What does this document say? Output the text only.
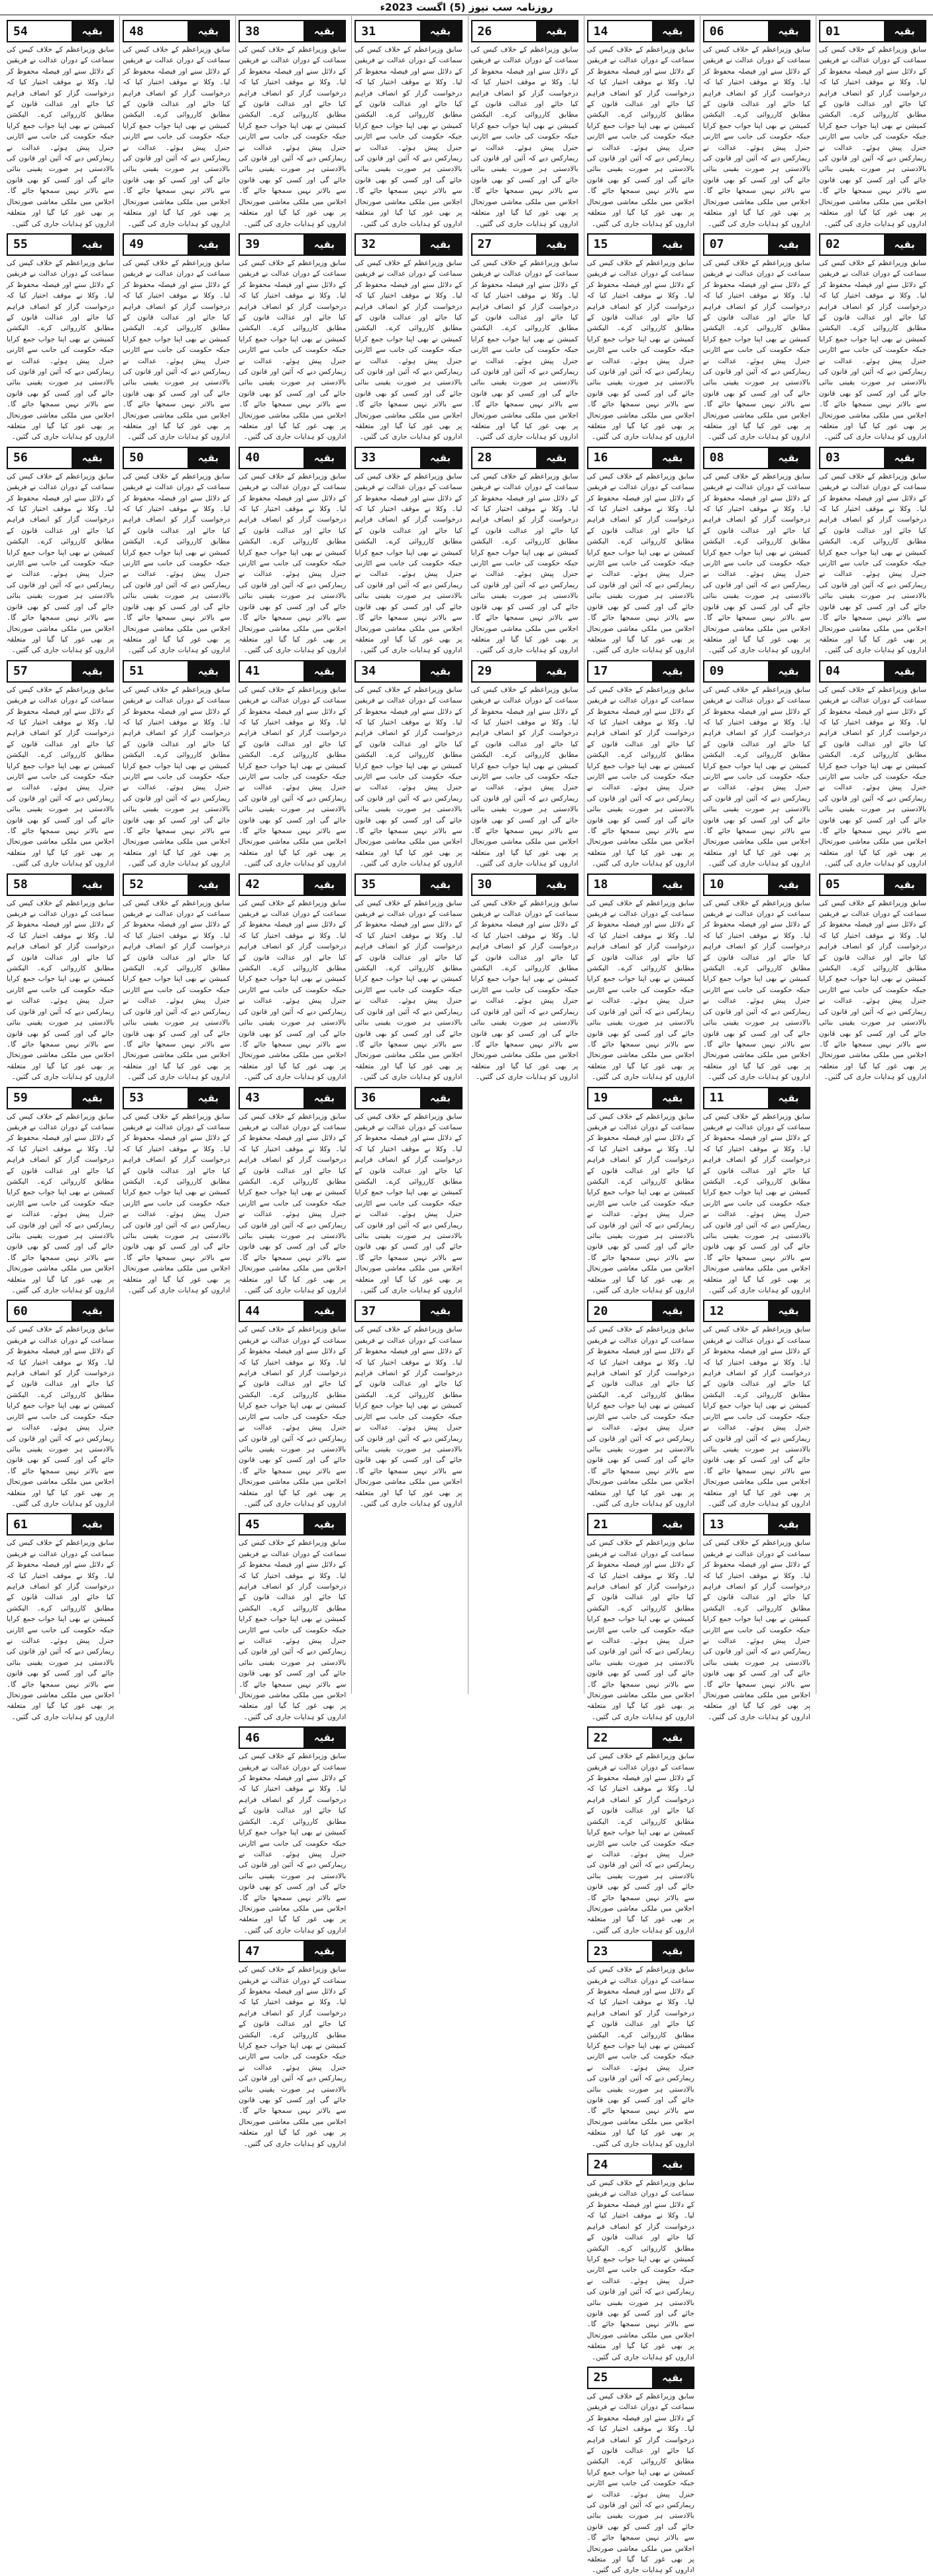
روزنامہ سب نیوز (5) اگست 2023ء
01	بقیہ

سابق وزیراعظم کے خلاف کیس کی سماعت کے دوران عدالت نے فریقین کے دلائل سنے اور فیصلہ محفوظ کر لیا۔ وکلا نے موقف اختیار کیا کہ درخواست گزار کو انصاف فراہم کیا جائے اور عدالت قانون کے مطابق کارروائی کرے۔ الیکشن کمیشن نے بھی اپنا جواب جمع کرایا جبکہ حکومت کی جانب سے اٹارنی جنرل پیش ہوئے۔ عدالت نے ریمارکس دیے کہ آئین اور قانون کی بالادستی ہر صورت یقینی بنائی جائے گی اور کسی کو بھی قانون سے بالاتر نہیں سمجھا جائے گا۔ اجلاس میں ملکی معاشی صورتحال پر بھی غور کیا گیا اور متعلقہ اداروں کو ہدایات جاری کی گئیں۔

02	بقیہ

سابق وزیراعظم کے خلاف کیس کی سماعت کے دوران عدالت نے فریقین کے دلائل سنے اور فیصلہ محفوظ کر لیا۔ وکلا نے موقف اختیار کیا کہ درخواست گزار کو انصاف فراہم کیا جائے اور عدالت قانون کے مطابق کارروائی کرے۔ الیکشن کمیشن نے بھی اپنا جواب جمع کرایا جبکہ حکومت کی جانب سے اٹارنی جنرل پیش ہوئے۔ عدالت نے ریمارکس دیے کہ آئین اور قانون کی بالادستی ہر صورت یقینی بنائی جائے گی اور کسی کو بھی قانون سے بالاتر نہیں سمجھا جائے گا۔ اجلاس میں ملکی معاشی صورتحال پر بھی غور کیا گیا اور متعلقہ اداروں کو ہدایات جاری کی گئیں۔

03	بقیہ

سابق وزیراعظم کے خلاف کیس کی سماعت کے دوران عدالت نے فریقین کے دلائل سنے اور فیصلہ محفوظ کر لیا۔ وکلا نے موقف اختیار کیا کہ درخواست گزار کو انصاف فراہم کیا جائے اور عدالت قانون کے مطابق کارروائی کرے۔ الیکشن کمیشن نے بھی اپنا جواب جمع کرایا جبکہ حکومت کی جانب سے اٹارنی جنرل پیش ہوئے۔ عدالت نے ریمارکس دیے کہ آئین اور قانون کی بالادستی ہر صورت یقینی بنائی جائے گی اور کسی کو بھی قانون سے بالاتر نہیں سمجھا جائے گا۔ اجلاس میں ملکی معاشی صورتحال پر بھی غور کیا گیا اور متعلقہ اداروں کو ہدایات جاری کی گئیں۔

04	بقیہ

سابق وزیراعظم کے خلاف کیس کی سماعت کے دوران عدالت نے فریقین کے دلائل سنے اور فیصلہ محفوظ کر لیا۔ وکلا نے موقف اختیار کیا کہ درخواست گزار کو انصاف فراہم کیا جائے اور عدالت قانون کے مطابق کارروائی کرے۔ الیکشن کمیشن نے بھی اپنا جواب جمع کرایا جبکہ حکومت کی جانب سے اٹارنی جنرل پیش ہوئے۔ عدالت نے ریمارکس دیے کہ آئین اور قانون کی بالادستی ہر صورت یقینی بنائی جائے گی اور کسی کو بھی قانون سے بالاتر نہیں سمجھا جائے گا۔ اجلاس میں ملکی معاشی صورتحال پر بھی غور کیا گیا اور متعلقہ اداروں کو ہدایات جاری کی گئیں۔

05	بقیہ

سابق وزیراعظم کے خلاف کیس کی سماعت کے دوران عدالت نے فریقین کے دلائل سنے اور فیصلہ محفوظ کر لیا۔ وکلا نے موقف اختیار کیا کہ درخواست گزار کو انصاف فراہم کیا جائے اور عدالت قانون کے مطابق کارروائی کرے۔ الیکشن کمیشن نے بھی اپنا جواب جمع کرایا جبکہ حکومت کی جانب سے اٹارنی جنرل پیش ہوئے۔ عدالت نے ریمارکس دیے کہ آئین اور قانون کی بالادستی ہر صورت یقینی بنائی جائے گی اور کسی کو بھی قانون سے بالاتر نہیں سمجھا جائے گا۔ اجلاس میں ملکی معاشی صورتحال پر بھی غور کیا گیا اور متعلقہ اداروں کو ہدایات جاری کی گئیں۔

06	بقیہ

سابق وزیراعظم کے خلاف کیس کی سماعت کے دوران عدالت نے فریقین کے دلائل سنے اور فیصلہ محفوظ کر لیا۔ وکلا نے موقف اختیار کیا کہ درخواست گزار کو انصاف فراہم کیا جائے اور عدالت قانون کے مطابق کارروائی کرے۔ الیکشن کمیشن نے بھی اپنا جواب جمع کرایا جبکہ حکومت کی جانب سے اٹارنی جنرل پیش ہوئے۔ عدالت نے ریمارکس دیے کہ آئین اور قانون کی بالادستی ہر صورت یقینی بنائی جائے گی اور کسی کو بھی قانون سے بالاتر نہیں سمجھا جائے گا۔ اجلاس میں ملکی معاشی صورتحال پر بھی غور کیا گیا اور متعلقہ اداروں کو ہدایات جاری کی گئیں۔

07	بقیہ

سابق وزیراعظم کے خلاف کیس کی سماعت کے دوران عدالت نے فریقین کے دلائل سنے اور فیصلہ محفوظ کر لیا۔ وکلا نے موقف اختیار کیا کہ درخواست گزار کو انصاف فراہم کیا جائے اور عدالت قانون کے مطابق کارروائی کرے۔ الیکشن کمیشن نے بھی اپنا جواب جمع کرایا جبکہ حکومت کی جانب سے اٹارنی جنرل پیش ہوئے۔ عدالت نے ریمارکس دیے کہ آئین اور قانون کی بالادستی ہر صورت یقینی بنائی جائے گی اور کسی کو بھی قانون سے بالاتر نہیں سمجھا جائے گا۔ اجلاس میں ملکی معاشی صورتحال پر بھی غور کیا گیا اور متعلقہ اداروں کو ہدایات جاری کی گئیں۔

08	بقیہ

سابق وزیراعظم کے خلاف کیس کی سماعت کے دوران عدالت نے فریقین کے دلائل سنے اور فیصلہ محفوظ کر لیا۔ وکلا نے موقف اختیار کیا کہ درخواست گزار کو انصاف فراہم کیا جائے اور عدالت قانون کے مطابق کارروائی کرے۔ الیکشن کمیشن نے بھی اپنا جواب جمع کرایا جبکہ حکومت کی جانب سے اٹارنی جنرل پیش ہوئے۔ عدالت نے ریمارکس دیے کہ آئین اور قانون کی بالادستی ہر صورت یقینی بنائی جائے گی اور کسی کو بھی قانون سے بالاتر نہیں سمجھا جائے گا۔ اجلاس میں ملکی معاشی صورتحال پر بھی غور کیا گیا اور متعلقہ اداروں کو ہدایات جاری کی گئیں۔

09	بقیہ

سابق وزیراعظم کے خلاف کیس کی سماعت کے دوران عدالت نے فریقین کے دلائل سنے اور فیصلہ محفوظ کر لیا۔ وکلا نے موقف اختیار کیا کہ درخواست گزار کو انصاف فراہم کیا جائے اور عدالت قانون کے مطابق کارروائی کرے۔ الیکشن کمیشن نے بھی اپنا جواب جمع کرایا جبکہ حکومت کی جانب سے اٹارنی جنرل پیش ہوئے۔ عدالت نے ریمارکس دیے کہ آئین اور قانون کی بالادستی ہر صورت یقینی بنائی جائے گی اور کسی کو بھی قانون سے بالاتر نہیں سمجھا جائے گا۔ اجلاس میں ملکی معاشی صورتحال پر بھی غور کیا گیا اور متعلقہ اداروں کو ہدایات جاری کی گئیں۔

10	بقیہ

سابق وزیراعظم کے خلاف کیس کی سماعت کے دوران عدالت نے فریقین کے دلائل سنے اور فیصلہ محفوظ کر لیا۔ وکلا نے موقف اختیار کیا کہ درخواست گزار کو انصاف فراہم کیا جائے اور عدالت قانون کے مطابق کارروائی کرے۔ الیکشن کمیشن نے بھی اپنا جواب جمع کرایا جبکہ حکومت کی جانب سے اٹارنی جنرل پیش ہوئے۔ عدالت نے ریمارکس دیے کہ آئین اور قانون کی بالادستی ہر صورت یقینی بنائی جائے گی اور کسی کو بھی قانون سے بالاتر نہیں سمجھا جائے گا۔ اجلاس میں ملکی معاشی صورتحال پر بھی غور کیا گیا اور متعلقہ اداروں کو ہدایات جاری کی گئیں۔

11	بقیہ

سابق وزیراعظم کے خلاف کیس کی سماعت کے دوران عدالت نے فریقین کے دلائل سنے اور فیصلہ محفوظ کر لیا۔ وکلا نے موقف اختیار کیا کہ درخواست گزار کو انصاف فراہم کیا جائے اور عدالت قانون کے مطابق کارروائی کرے۔ الیکشن کمیشن نے بھی اپنا جواب جمع کرایا جبکہ حکومت کی جانب سے اٹارنی جنرل پیش ہوئے۔ عدالت نے ریمارکس دیے کہ آئین اور قانون کی بالادستی ہر صورت یقینی بنائی جائے گی اور کسی کو بھی قانون سے بالاتر نہیں سمجھا جائے گا۔ اجلاس میں ملکی معاشی صورتحال پر بھی غور کیا گیا اور متعلقہ اداروں کو ہدایات جاری کی گئیں۔

12	بقیہ

سابق وزیراعظم کے خلاف کیس کی سماعت کے دوران عدالت نے فریقین کے دلائل سنے اور فیصلہ محفوظ کر لیا۔ وکلا نے موقف اختیار کیا کہ درخواست گزار کو انصاف فراہم کیا جائے اور عدالت قانون کے مطابق کارروائی کرے۔ الیکشن کمیشن نے بھی اپنا جواب جمع کرایا جبکہ حکومت کی جانب سے اٹارنی جنرل پیش ہوئے۔ عدالت نے ریمارکس دیے کہ آئین اور قانون کی بالادستی ہر صورت یقینی بنائی جائے گی اور کسی کو بھی قانون سے بالاتر نہیں سمجھا جائے گا۔ اجلاس میں ملکی معاشی صورتحال پر بھی غور کیا گیا اور متعلقہ اداروں کو ہدایات جاری کی گئیں۔

13	بقیہ

سابق وزیراعظم کے خلاف کیس کی سماعت کے دوران عدالت نے فریقین کے دلائل سنے اور فیصلہ محفوظ کر لیا۔ وکلا نے موقف اختیار کیا کہ درخواست گزار کو انصاف فراہم کیا جائے اور عدالت قانون کے مطابق کارروائی کرے۔ الیکشن کمیشن نے بھی اپنا جواب جمع کرایا جبکہ حکومت کی جانب سے اٹارنی جنرل پیش ہوئے۔ عدالت نے ریمارکس دیے کہ آئین اور قانون کی بالادستی ہر صورت یقینی بنائی جائے گی اور کسی کو بھی قانون سے بالاتر نہیں سمجھا جائے گا۔ اجلاس میں ملکی معاشی صورتحال پر بھی غور کیا گیا اور متعلقہ اداروں کو ہدایات جاری کی گئیں۔

14	بقیہ

سابق وزیراعظم کے خلاف کیس کی سماعت کے دوران عدالت نے فریقین کے دلائل سنے اور فیصلہ محفوظ کر لیا۔ وکلا نے موقف اختیار کیا کہ درخواست گزار کو انصاف فراہم کیا جائے اور عدالت قانون کے مطابق کارروائی کرے۔ الیکشن کمیشن نے بھی اپنا جواب جمع کرایا جبکہ حکومت کی جانب سے اٹارنی جنرل پیش ہوئے۔ عدالت نے ریمارکس دیے کہ آئین اور قانون کی بالادستی ہر صورت یقینی بنائی جائے گی اور کسی کو بھی قانون سے بالاتر نہیں سمجھا جائے گا۔ اجلاس میں ملکی معاشی صورتحال پر بھی غور کیا گیا اور متعلقہ اداروں کو ہدایات جاری کی گئیں۔

15	بقیہ

سابق وزیراعظم کے خلاف کیس کی سماعت کے دوران عدالت نے فریقین کے دلائل سنے اور فیصلہ محفوظ کر لیا۔ وکلا نے موقف اختیار کیا کہ درخواست گزار کو انصاف فراہم کیا جائے اور عدالت قانون کے مطابق کارروائی کرے۔ الیکشن کمیشن نے بھی اپنا جواب جمع کرایا جبکہ حکومت کی جانب سے اٹارنی جنرل پیش ہوئے۔ عدالت نے ریمارکس دیے کہ آئین اور قانون کی بالادستی ہر صورت یقینی بنائی جائے گی اور کسی کو بھی قانون سے بالاتر نہیں سمجھا جائے گا۔ اجلاس میں ملکی معاشی صورتحال پر بھی غور کیا گیا اور متعلقہ اداروں کو ہدایات جاری کی گئیں۔

16	بقیہ

سابق وزیراعظم کے خلاف کیس کی سماعت کے دوران عدالت نے فریقین کے دلائل سنے اور فیصلہ محفوظ کر لیا۔ وکلا نے موقف اختیار کیا کہ درخواست گزار کو انصاف فراہم کیا جائے اور عدالت قانون کے مطابق کارروائی کرے۔ الیکشن کمیشن نے بھی اپنا جواب جمع کرایا جبکہ حکومت کی جانب سے اٹارنی جنرل پیش ہوئے۔ عدالت نے ریمارکس دیے کہ آئین اور قانون کی بالادستی ہر صورت یقینی بنائی جائے گی اور کسی کو بھی قانون سے بالاتر نہیں سمجھا جائے گا۔ اجلاس میں ملکی معاشی صورتحال پر بھی غور کیا گیا اور متعلقہ اداروں کو ہدایات جاری کی گئیں۔

17	بقیہ

سابق وزیراعظم کے خلاف کیس کی سماعت کے دوران عدالت نے فریقین کے دلائل سنے اور فیصلہ محفوظ کر لیا۔ وکلا نے موقف اختیار کیا کہ درخواست گزار کو انصاف فراہم کیا جائے اور عدالت قانون کے مطابق کارروائی کرے۔ الیکشن کمیشن نے بھی اپنا جواب جمع کرایا جبکہ حکومت کی جانب سے اٹارنی جنرل پیش ہوئے۔ عدالت نے ریمارکس دیے کہ آئین اور قانون کی بالادستی ہر صورت یقینی بنائی جائے گی اور کسی کو بھی قانون سے بالاتر نہیں سمجھا جائے گا۔ اجلاس میں ملکی معاشی صورتحال پر بھی غور کیا گیا اور متعلقہ اداروں کو ہدایات جاری کی گئیں۔

18	بقیہ

سابق وزیراعظم کے خلاف کیس کی سماعت کے دوران عدالت نے فریقین کے دلائل سنے اور فیصلہ محفوظ کر لیا۔ وکلا نے موقف اختیار کیا کہ درخواست گزار کو انصاف فراہم کیا جائے اور عدالت قانون کے مطابق کارروائی کرے۔ الیکشن کمیشن نے بھی اپنا جواب جمع کرایا جبکہ حکومت کی جانب سے اٹارنی جنرل پیش ہوئے۔ عدالت نے ریمارکس دیے کہ آئین اور قانون کی بالادستی ہر صورت یقینی بنائی جائے گی اور کسی کو بھی قانون سے بالاتر نہیں سمجھا جائے گا۔ اجلاس میں ملکی معاشی صورتحال پر بھی غور کیا گیا اور متعلقہ اداروں کو ہدایات جاری کی گئیں۔

19	بقیہ

سابق وزیراعظم کے خلاف کیس کی سماعت کے دوران عدالت نے فریقین کے دلائل سنے اور فیصلہ محفوظ کر لیا۔ وکلا نے موقف اختیار کیا کہ درخواست گزار کو انصاف فراہم کیا جائے اور عدالت قانون کے مطابق کارروائی کرے۔ الیکشن کمیشن نے بھی اپنا جواب جمع کرایا جبکہ حکومت کی جانب سے اٹارنی جنرل پیش ہوئے۔ عدالت نے ریمارکس دیے کہ آئین اور قانون کی بالادستی ہر صورت یقینی بنائی جائے گی اور کسی کو بھی قانون سے بالاتر نہیں سمجھا جائے گا۔ اجلاس میں ملکی معاشی صورتحال پر بھی غور کیا گیا اور متعلقہ اداروں کو ہدایات جاری کی گئیں۔

20	بقیہ

سابق وزیراعظم کے خلاف کیس کی سماعت کے دوران عدالت نے فریقین کے دلائل سنے اور فیصلہ محفوظ کر لیا۔ وکلا نے موقف اختیار کیا کہ درخواست گزار کو انصاف فراہم کیا جائے اور عدالت قانون کے مطابق کارروائی کرے۔ الیکشن کمیشن نے بھی اپنا جواب جمع کرایا جبکہ حکومت کی جانب سے اٹارنی جنرل پیش ہوئے۔ عدالت نے ریمارکس دیے کہ آئین اور قانون کی بالادستی ہر صورت یقینی بنائی جائے گی اور کسی کو بھی قانون سے بالاتر نہیں سمجھا جائے گا۔ اجلاس میں ملکی معاشی صورتحال پر بھی غور کیا گیا اور متعلقہ اداروں کو ہدایات جاری کی گئیں۔

21	بقیہ

سابق وزیراعظم کے خلاف کیس کی سماعت کے دوران عدالت نے فریقین کے دلائل سنے اور فیصلہ محفوظ کر لیا۔ وکلا نے موقف اختیار کیا کہ درخواست گزار کو انصاف فراہم کیا جائے اور عدالت قانون کے مطابق کارروائی کرے۔ الیکشن کمیشن نے بھی اپنا جواب جمع کرایا جبکہ حکومت کی جانب سے اٹارنی جنرل پیش ہوئے۔ عدالت نے ریمارکس دیے کہ آئین اور قانون کی بالادستی ہر صورت یقینی بنائی جائے گی اور کسی کو بھی قانون سے بالاتر نہیں سمجھا جائے گا۔ اجلاس میں ملکی معاشی صورتحال پر بھی غور کیا گیا اور متعلقہ اداروں کو ہدایات جاری کی گئیں۔

22	بقیہ

سابق وزیراعظم کے خلاف کیس کی سماعت کے دوران عدالت نے فریقین کے دلائل سنے اور فیصلہ محفوظ کر لیا۔ وکلا نے موقف اختیار کیا کہ درخواست گزار کو انصاف فراہم کیا جائے اور عدالت قانون کے مطابق کارروائی کرے۔ الیکشن کمیشن نے بھی اپنا جواب جمع کرایا جبکہ حکومت کی جانب سے اٹارنی جنرل پیش ہوئے۔ عدالت نے ریمارکس دیے کہ آئین اور قانون کی بالادستی ہر صورت یقینی بنائی جائے گی اور کسی کو بھی قانون سے بالاتر نہیں سمجھا جائے گا۔ اجلاس میں ملکی معاشی صورتحال پر بھی غور کیا گیا اور متعلقہ اداروں کو ہدایات جاری کی گئیں۔

23	بقیہ

سابق وزیراعظم کے خلاف کیس کی سماعت کے دوران عدالت نے فریقین کے دلائل سنے اور فیصلہ محفوظ کر لیا۔ وکلا نے موقف اختیار کیا کہ درخواست گزار کو انصاف فراہم کیا جائے اور عدالت قانون کے مطابق کارروائی کرے۔ الیکشن کمیشن نے بھی اپنا جواب جمع کرایا جبکہ حکومت کی جانب سے اٹارنی جنرل پیش ہوئے۔ عدالت نے ریمارکس دیے کہ آئین اور قانون کی بالادستی ہر صورت یقینی بنائی جائے گی اور کسی کو بھی قانون سے بالاتر نہیں سمجھا جائے گا۔ اجلاس میں ملکی معاشی صورتحال پر بھی غور کیا گیا اور متعلقہ اداروں کو ہدایات جاری کی گئیں۔

24	بقیہ

سابق وزیراعظم کے خلاف کیس کی سماعت کے دوران عدالت نے فریقین کے دلائل سنے اور فیصلہ محفوظ کر لیا۔ وکلا نے موقف اختیار کیا کہ درخواست گزار کو انصاف فراہم کیا جائے اور عدالت قانون کے مطابق کارروائی کرے۔ الیکشن کمیشن نے بھی اپنا جواب جمع کرایا جبکہ حکومت کی جانب سے اٹارنی جنرل پیش ہوئے۔ عدالت نے ریمارکس دیے کہ آئین اور قانون کی بالادستی ہر صورت یقینی بنائی جائے گی اور کسی کو بھی قانون سے بالاتر نہیں سمجھا جائے گا۔ اجلاس میں ملکی معاشی صورتحال پر بھی غور کیا گیا اور متعلقہ اداروں کو ہدایات جاری کی گئیں۔

25	بقیہ

سابق وزیراعظم کے خلاف کیس کی سماعت کے دوران عدالت نے فریقین کے دلائل سنے اور فیصلہ محفوظ کر لیا۔ وکلا نے موقف اختیار کیا کہ درخواست گزار کو انصاف فراہم کیا جائے اور عدالت قانون کے مطابق کارروائی کرے۔ الیکشن کمیشن نے بھی اپنا جواب جمع کرایا جبکہ حکومت کی جانب سے اٹارنی جنرل پیش ہوئے۔ عدالت نے ریمارکس دیے کہ آئین اور قانون کی بالادستی ہر صورت یقینی بنائی جائے گی اور کسی کو بھی قانون سے بالاتر نہیں سمجھا جائے گا۔ اجلاس میں ملکی معاشی صورتحال پر بھی غور کیا گیا اور متعلقہ اداروں کو ہدایات جاری کی گئیں۔

26	بقیہ

سابق وزیراعظم کے خلاف کیس کی سماعت کے دوران عدالت نے فریقین کے دلائل سنے اور فیصلہ محفوظ کر لیا۔ وکلا نے موقف اختیار کیا کہ درخواست گزار کو انصاف فراہم کیا جائے اور عدالت قانون کے مطابق کارروائی کرے۔ الیکشن کمیشن نے بھی اپنا جواب جمع کرایا جبکہ حکومت کی جانب سے اٹارنی جنرل پیش ہوئے۔ عدالت نے ریمارکس دیے کہ آئین اور قانون کی بالادستی ہر صورت یقینی بنائی جائے گی اور کسی کو بھی قانون سے بالاتر نہیں سمجھا جائے گا۔ اجلاس میں ملکی معاشی صورتحال پر بھی غور کیا گیا اور متعلقہ اداروں کو ہدایات جاری کی گئیں۔

27	بقیہ

سابق وزیراعظم کے خلاف کیس کی سماعت کے دوران عدالت نے فریقین کے دلائل سنے اور فیصلہ محفوظ کر لیا۔ وکلا نے موقف اختیار کیا کہ درخواست گزار کو انصاف فراہم کیا جائے اور عدالت قانون کے مطابق کارروائی کرے۔ الیکشن کمیشن نے بھی اپنا جواب جمع کرایا جبکہ حکومت کی جانب سے اٹارنی جنرل پیش ہوئے۔ عدالت نے ریمارکس دیے کہ آئین اور قانون کی بالادستی ہر صورت یقینی بنائی جائے گی اور کسی کو بھی قانون سے بالاتر نہیں سمجھا جائے گا۔ اجلاس میں ملکی معاشی صورتحال پر بھی غور کیا گیا اور متعلقہ اداروں کو ہدایات جاری کی گئیں۔

28	بقیہ

سابق وزیراعظم کے خلاف کیس کی سماعت کے دوران عدالت نے فریقین کے دلائل سنے اور فیصلہ محفوظ کر لیا۔ وکلا نے موقف اختیار کیا کہ درخواست گزار کو انصاف فراہم کیا جائے اور عدالت قانون کے مطابق کارروائی کرے۔ الیکشن کمیشن نے بھی اپنا جواب جمع کرایا جبکہ حکومت کی جانب سے اٹارنی جنرل پیش ہوئے۔ عدالت نے ریمارکس دیے کہ آئین اور قانون کی بالادستی ہر صورت یقینی بنائی جائے گی اور کسی کو بھی قانون سے بالاتر نہیں سمجھا جائے گا۔ اجلاس میں ملکی معاشی صورتحال پر بھی غور کیا گیا اور متعلقہ اداروں کو ہدایات جاری کی گئیں۔

29	بقیہ

سابق وزیراعظم کے خلاف کیس کی سماعت کے دوران عدالت نے فریقین کے دلائل سنے اور فیصلہ محفوظ کر لیا۔ وکلا نے موقف اختیار کیا کہ درخواست گزار کو انصاف فراہم کیا جائے اور عدالت قانون کے مطابق کارروائی کرے۔ الیکشن کمیشن نے بھی اپنا جواب جمع کرایا جبکہ حکومت کی جانب سے اٹارنی جنرل پیش ہوئے۔ عدالت نے ریمارکس دیے کہ آئین اور قانون کی بالادستی ہر صورت یقینی بنائی جائے گی اور کسی کو بھی قانون سے بالاتر نہیں سمجھا جائے گا۔ اجلاس میں ملکی معاشی صورتحال پر بھی غور کیا گیا اور متعلقہ اداروں کو ہدایات جاری کی گئیں۔

30	بقیہ

سابق وزیراعظم کے خلاف کیس کی سماعت کے دوران عدالت نے فریقین کے دلائل سنے اور فیصلہ محفوظ کر لیا۔ وکلا نے موقف اختیار کیا کہ درخواست گزار کو انصاف فراہم کیا جائے اور عدالت قانون کے مطابق کارروائی کرے۔ الیکشن کمیشن نے بھی اپنا جواب جمع کرایا جبکہ حکومت کی جانب سے اٹارنی جنرل پیش ہوئے۔ عدالت نے ریمارکس دیے کہ آئین اور قانون کی بالادستی ہر صورت یقینی بنائی جائے گی اور کسی کو بھی قانون سے بالاتر نہیں سمجھا جائے گا۔ اجلاس میں ملکی معاشی صورتحال پر بھی غور کیا گیا اور متعلقہ اداروں کو ہدایات جاری کی گئیں۔

31	بقیہ

سابق وزیراعظم کے خلاف کیس کی سماعت کے دوران عدالت نے فریقین کے دلائل سنے اور فیصلہ محفوظ کر لیا۔ وکلا نے موقف اختیار کیا کہ درخواست گزار کو انصاف فراہم کیا جائے اور عدالت قانون کے مطابق کارروائی کرے۔ الیکشن کمیشن نے بھی اپنا جواب جمع کرایا جبکہ حکومت کی جانب سے اٹارنی جنرل پیش ہوئے۔ عدالت نے ریمارکس دیے کہ آئین اور قانون کی بالادستی ہر صورت یقینی بنائی جائے گی اور کسی کو بھی قانون سے بالاتر نہیں سمجھا جائے گا۔ اجلاس میں ملکی معاشی صورتحال پر بھی غور کیا گیا اور متعلقہ اداروں کو ہدایات جاری کی گئیں۔

32	بقیہ

سابق وزیراعظم کے خلاف کیس کی سماعت کے دوران عدالت نے فریقین کے دلائل سنے اور فیصلہ محفوظ کر لیا۔ وکلا نے موقف اختیار کیا کہ درخواست گزار کو انصاف فراہم کیا جائے اور عدالت قانون کے مطابق کارروائی کرے۔ الیکشن کمیشن نے بھی اپنا جواب جمع کرایا جبکہ حکومت کی جانب سے اٹارنی جنرل پیش ہوئے۔ عدالت نے ریمارکس دیے کہ آئین اور قانون کی بالادستی ہر صورت یقینی بنائی جائے گی اور کسی کو بھی قانون سے بالاتر نہیں سمجھا جائے گا۔ اجلاس میں ملکی معاشی صورتحال پر بھی غور کیا گیا اور متعلقہ اداروں کو ہدایات جاری کی گئیں۔

33	بقیہ

سابق وزیراعظم کے خلاف کیس کی سماعت کے دوران عدالت نے فریقین کے دلائل سنے اور فیصلہ محفوظ کر لیا۔ وکلا نے موقف اختیار کیا کہ درخواست گزار کو انصاف فراہم کیا جائے اور عدالت قانون کے مطابق کارروائی کرے۔ الیکشن کمیشن نے بھی اپنا جواب جمع کرایا جبکہ حکومت کی جانب سے اٹارنی جنرل پیش ہوئے۔ عدالت نے ریمارکس دیے کہ آئین اور قانون کی بالادستی ہر صورت یقینی بنائی جائے گی اور کسی کو بھی قانون سے بالاتر نہیں سمجھا جائے گا۔ اجلاس میں ملکی معاشی صورتحال پر بھی غور کیا گیا اور متعلقہ اداروں کو ہدایات جاری کی گئیں۔

34	بقیہ

سابق وزیراعظم کے خلاف کیس کی سماعت کے دوران عدالت نے فریقین کے دلائل سنے اور فیصلہ محفوظ کر لیا۔ وکلا نے موقف اختیار کیا کہ درخواست گزار کو انصاف فراہم کیا جائے اور عدالت قانون کے مطابق کارروائی کرے۔ الیکشن کمیشن نے بھی اپنا جواب جمع کرایا جبکہ حکومت کی جانب سے اٹارنی جنرل پیش ہوئے۔ عدالت نے ریمارکس دیے کہ آئین اور قانون کی بالادستی ہر صورت یقینی بنائی جائے گی اور کسی کو بھی قانون سے بالاتر نہیں سمجھا جائے گا۔ اجلاس میں ملکی معاشی صورتحال پر بھی غور کیا گیا اور متعلقہ اداروں کو ہدایات جاری کی گئیں۔

35	بقیہ

سابق وزیراعظم کے خلاف کیس کی سماعت کے دوران عدالت نے فریقین کے دلائل سنے اور فیصلہ محفوظ کر لیا۔ وکلا نے موقف اختیار کیا کہ درخواست گزار کو انصاف فراہم کیا جائے اور عدالت قانون کے مطابق کارروائی کرے۔ الیکشن کمیشن نے بھی اپنا جواب جمع کرایا جبکہ حکومت کی جانب سے اٹارنی جنرل پیش ہوئے۔ عدالت نے ریمارکس دیے کہ آئین اور قانون کی بالادستی ہر صورت یقینی بنائی جائے گی اور کسی کو بھی قانون سے بالاتر نہیں سمجھا جائے گا۔ اجلاس میں ملکی معاشی صورتحال پر بھی غور کیا گیا اور متعلقہ اداروں کو ہدایات جاری کی گئیں۔

36	بقیہ

سابق وزیراعظم کے خلاف کیس کی سماعت کے دوران عدالت نے فریقین کے دلائل سنے اور فیصلہ محفوظ کر لیا۔ وکلا نے موقف اختیار کیا کہ درخواست گزار کو انصاف فراہم کیا جائے اور عدالت قانون کے مطابق کارروائی کرے۔ الیکشن کمیشن نے بھی اپنا جواب جمع کرایا جبکہ حکومت کی جانب سے اٹارنی جنرل پیش ہوئے۔ عدالت نے ریمارکس دیے کہ آئین اور قانون کی بالادستی ہر صورت یقینی بنائی جائے گی اور کسی کو بھی قانون سے بالاتر نہیں سمجھا جائے گا۔ اجلاس میں ملکی معاشی صورتحال پر بھی غور کیا گیا اور متعلقہ اداروں کو ہدایات جاری کی گئیں۔

37	بقیہ

سابق وزیراعظم کے خلاف کیس کی سماعت کے دوران عدالت نے فریقین کے دلائل سنے اور فیصلہ محفوظ کر لیا۔ وکلا نے موقف اختیار کیا کہ درخواست گزار کو انصاف فراہم کیا جائے اور عدالت قانون کے مطابق کارروائی کرے۔ الیکشن کمیشن نے بھی اپنا جواب جمع کرایا جبکہ حکومت کی جانب سے اٹارنی جنرل پیش ہوئے۔ عدالت نے ریمارکس دیے کہ آئین اور قانون کی بالادستی ہر صورت یقینی بنائی جائے گی اور کسی کو بھی قانون سے بالاتر نہیں سمجھا جائے گا۔ اجلاس میں ملکی معاشی صورتحال پر بھی غور کیا گیا اور متعلقہ اداروں کو ہدایات جاری کی گئیں۔

38	بقیہ

سابق وزیراعظم کے خلاف کیس کی سماعت کے دوران عدالت نے فریقین کے دلائل سنے اور فیصلہ محفوظ کر لیا۔ وکلا نے موقف اختیار کیا کہ درخواست گزار کو انصاف فراہم کیا جائے اور عدالت قانون کے مطابق کارروائی کرے۔ الیکشن کمیشن نے بھی اپنا جواب جمع کرایا جبکہ حکومت کی جانب سے اٹارنی جنرل پیش ہوئے۔ عدالت نے ریمارکس دیے کہ آئین اور قانون کی بالادستی ہر صورت یقینی بنائی جائے گی اور کسی کو بھی قانون سے بالاتر نہیں سمجھا جائے گا۔ اجلاس میں ملکی معاشی صورتحال پر بھی غور کیا گیا اور متعلقہ اداروں کو ہدایات جاری کی گئیں۔

39	بقیہ

سابق وزیراعظم کے خلاف کیس کی سماعت کے دوران عدالت نے فریقین کے دلائل سنے اور فیصلہ محفوظ کر لیا۔ وکلا نے موقف اختیار کیا کہ درخواست گزار کو انصاف فراہم کیا جائے اور عدالت قانون کے مطابق کارروائی کرے۔ الیکشن کمیشن نے بھی اپنا جواب جمع کرایا جبکہ حکومت کی جانب سے اٹارنی جنرل پیش ہوئے۔ عدالت نے ریمارکس دیے کہ آئین اور قانون کی بالادستی ہر صورت یقینی بنائی جائے گی اور کسی کو بھی قانون سے بالاتر نہیں سمجھا جائے گا۔ اجلاس میں ملکی معاشی صورتحال پر بھی غور کیا گیا اور متعلقہ اداروں کو ہدایات جاری کی گئیں۔

40	بقیہ

سابق وزیراعظم کے خلاف کیس کی سماعت کے دوران عدالت نے فریقین کے دلائل سنے اور فیصلہ محفوظ کر لیا۔ وکلا نے موقف اختیار کیا کہ درخواست گزار کو انصاف فراہم کیا جائے اور عدالت قانون کے مطابق کارروائی کرے۔ الیکشن کمیشن نے بھی اپنا جواب جمع کرایا جبکہ حکومت کی جانب سے اٹارنی جنرل پیش ہوئے۔ عدالت نے ریمارکس دیے کہ آئین اور قانون کی بالادستی ہر صورت یقینی بنائی جائے گی اور کسی کو بھی قانون سے بالاتر نہیں سمجھا جائے گا۔ اجلاس میں ملکی معاشی صورتحال پر بھی غور کیا گیا اور متعلقہ اداروں کو ہدایات جاری کی گئیں۔

41	بقیہ

سابق وزیراعظم کے خلاف کیس کی سماعت کے دوران عدالت نے فریقین کے دلائل سنے اور فیصلہ محفوظ کر لیا۔ وکلا نے موقف اختیار کیا کہ درخواست گزار کو انصاف فراہم کیا جائے اور عدالت قانون کے مطابق کارروائی کرے۔ الیکشن کمیشن نے بھی اپنا جواب جمع کرایا جبکہ حکومت کی جانب سے اٹارنی جنرل پیش ہوئے۔ عدالت نے ریمارکس دیے کہ آئین اور قانون کی بالادستی ہر صورت یقینی بنائی جائے گی اور کسی کو بھی قانون سے بالاتر نہیں سمجھا جائے گا۔ اجلاس میں ملکی معاشی صورتحال پر بھی غور کیا گیا اور متعلقہ اداروں کو ہدایات جاری کی گئیں۔

42	بقیہ

سابق وزیراعظم کے خلاف کیس کی سماعت کے دوران عدالت نے فریقین کے دلائل سنے اور فیصلہ محفوظ کر لیا۔ وکلا نے موقف اختیار کیا کہ درخواست گزار کو انصاف فراہم کیا جائے اور عدالت قانون کے مطابق کارروائی کرے۔ الیکشن کمیشن نے بھی اپنا جواب جمع کرایا جبکہ حکومت کی جانب سے اٹارنی جنرل پیش ہوئے۔ عدالت نے ریمارکس دیے کہ آئین اور قانون کی بالادستی ہر صورت یقینی بنائی جائے گی اور کسی کو بھی قانون سے بالاتر نہیں سمجھا جائے گا۔ اجلاس میں ملکی معاشی صورتحال پر بھی غور کیا گیا اور متعلقہ اداروں کو ہدایات جاری کی گئیں۔

43	بقیہ

سابق وزیراعظم کے خلاف کیس کی سماعت کے دوران عدالت نے فریقین کے دلائل سنے اور فیصلہ محفوظ کر لیا۔ وکلا نے موقف اختیار کیا کہ درخواست گزار کو انصاف فراہم کیا جائے اور عدالت قانون کے مطابق کارروائی کرے۔ الیکشن کمیشن نے بھی اپنا جواب جمع کرایا جبکہ حکومت کی جانب سے اٹارنی جنرل پیش ہوئے۔ عدالت نے ریمارکس دیے کہ آئین اور قانون کی بالادستی ہر صورت یقینی بنائی جائے گی اور کسی کو بھی قانون سے بالاتر نہیں سمجھا جائے گا۔ اجلاس میں ملکی معاشی صورتحال پر بھی غور کیا گیا اور متعلقہ اداروں کو ہدایات جاری کی گئیں۔

44	بقیہ

سابق وزیراعظم کے خلاف کیس کی سماعت کے دوران عدالت نے فریقین کے دلائل سنے اور فیصلہ محفوظ کر لیا۔ وکلا نے موقف اختیار کیا کہ درخواست گزار کو انصاف فراہم کیا جائے اور عدالت قانون کے مطابق کارروائی کرے۔ الیکشن کمیشن نے بھی اپنا جواب جمع کرایا جبکہ حکومت کی جانب سے اٹارنی جنرل پیش ہوئے۔ عدالت نے ریمارکس دیے کہ آئین اور قانون کی بالادستی ہر صورت یقینی بنائی جائے گی اور کسی کو بھی قانون سے بالاتر نہیں سمجھا جائے گا۔ اجلاس میں ملکی معاشی صورتحال پر بھی غور کیا گیا اور متعلقہ اداروں کو ہدایات جاری کی گئیں۔

45	بقیہ

سابق وزیراعظم کے خلاف کیس کی سماعت کے دوران عدالت نے فریقین کے دلائل سنے اور فیصلہ محفوظ کر لیا۔ وکلا نے موقف اختیار کیا کہ درخواست گزار کو انصاف فراہم کیا جائے اور عدالت قانون کے مطابق کارروائی کرے۔ الیکشن کمیشن نے بھی اپنا جواب جمع کرایا جبکہ حکومت کی جانب سے اٹارنی جنرل پیش ہوئے۔ عدالت نے ریمارکس دیے کہ آئین اور قانون کی بالادستی ہر صورت یقینی بنائی جائے گی اور کسی کو بھی قانون سے بالاتر نہیں سمجھا جائے گا۔ اجلاس میں ملکی معاشی صورتحال پر بھی غور کیا گیا اور متعلقہ اداروں کو ہدایات جاری کی گئیں۔

46	بقیہ

سابق وزیراعظم کے خلاف کیس کی سماعت کے دوران عدالت نے فریقین کے دلائل سنے اور فیصلہ محفوظ کر لیا۔ وکلا نے موقف اختیار کیا کہ درخواست گزار کو انصاف فراہم کیا جائے اور عدالت قانون کے مطابق کارروائی کرے۔ الیکشن کمیشن نے بھی اپنا جواب جمع کرایا جبکہ حکومت کی جانب سے اٹارنی جنرل پیش ہوئے۔ عدالت نے ریمارکس دیے کہ آئین اور قانون کی بالادستی ہر صورت یقینی بنائی جائے گی اور کسی کو بھی قانون سے بالاتر نہیں سمجھا جائے گا۔ اجلاس میں ملکی معاشی صورتحال پر بھی غور کیا گیا اور متعلقہ اداروں کو ہدایات جاری کی گئیں۔

47	بقیہ

سابق وزیراعظم کے خلاف کیس کی سماعت کے دوران عدالت نے فریقین کے دلائل سنے اور فیصلہ محفوظ کر لیا۔ وکلا نے موقف اختیار کیا کہ درخواست گزار کو انصاف فراہم کیا جائے اور عدالت قانون کے مطابق کارروائی کرے۔ الیکشن کمیشن نے بھی اپنا جواب جمع کرایا جبکہ حکومت کی جانب سے اٹارنی جنرل پیش ہوئے۔ عدالت نے ریمارکس دیے کہ آئین اور قانون کی بالادستی ہر صورت یقینی بنائی جائے گی اور کسی کو بھی قانون سے بالاتر نہیں سمجھا جائے گا۔ اجلاس میں ملکی معاشی صورتحال پر بھی غور کیا گیا اور متعلقہ اداروں کو ہدایات جاری کی گئیں۔

48	بقیہ

سابق وزیراعظم کے خلاف کیس کی سماعت کے دوران عدالت نے فریقین کے دلائل سنے اور فیصلہ محفوظ کر لیا۔ وکلا نے موقف اختیار کیا کہ درخواست گزار کو انصاف فراہم کیا جائے اور عدالت قانون کے مطابق کارروائی کرے۔ الیکشن کمیشن نے بھی اپنا جواب جمع کرایا جبکہ حکومت کی جانب سے اٹارنی جنرل پیش ہوئے۔ عدالت نے ریمارکس دیے کہ آئین اور قانون کی بالادستی ہر صورت یقینی بنائی جائے گی اور کسی کو بھی قانون سے بالاتر نہیں سمجھا جائے گا۔ اجلاس میں ملکی معاشی صورتحال پر بھی غور کیا گیا اور متعلقہ اداروں کو ہدایات جاری کی گئیں۔

49	بقیہ

سابق وزیراعظم کے خلاف کیس کی سماعت کے دوران عدالت نے فریقین کے دلائل سنے اور فیصلہ محفوظ کر لیا۔ وکلا نے موقف اختیار کیا کہ درخواست گزار کو انصاف فراہم کیا جائے اور عدالت قانون کے مطابق کارروائی کرے۔ الیکشن کمیشن نے بھی اپنا جواب جمع کرایا جبکہ حکومت کی جانب سے اٹارنی جنرل پیش ہوئے۔ عدالت نے ریمارکس دیے کہ آئین اور قانون کی بالادستی ہر صورت یقینی بنائی جائے گی اور کسی کو بھی قانون سے بالاتر نہیں سمجھا جائے گا۔ اجلاس میں ملکی معاشی صورتحال پر بھی غور کیا گیا اور متعلقہ اداروں کو ہدایات جاری کی گئیں۔

50	بقیہ

سابق وزیراعظم کے خلاف کیس کی سماعت کے دوران عدالت نے فریقین کے دلائل سنے اور فیصلہ محفوظ کر لیا۔ وکلا نے موقف اختیار کیا کہ درخواست گزار کو انصاف فراہم کیا جائے اور عدالت قانون کے مطابق کارروائی کرے۔ الیکشن کمیشن نے بھی اپنا جواب جمع کرایا جبکہ حکومت کی جانب سے اٹارنی جنرل پیش ہوئے۔ عدالت نے ریمارکس دیے کہ آئین اور قانون کی بالادستی ہر صورت یقینی بنائی جائے گی اور کسی کو بھی قانون سے بالاتر نہیں سمجھا جائے گا۔ اجلاس میں ملکی معاشی صورتحال پر بھی غور کیا گیا اور متعلقہ اداروں کو ہدایات جاری کی گئیں۔

51	بقیہ

سابق وزیراعظم کے خلاف کیس کی سماعت کے دوران عدالت نے فریقین کے دلائل سنے اور فیصلہ محفوظ کر لیا۔ وکلا نے موقف اختیار کیا کہ درخواست گزار کو انصاف فراہم کیا جائے اور عدالت قانون کے مطابق کارروائی کرے۔ الیکشن کمیشن نے بھی اپنا جواب جمع کرایا جبکہ حکومت کی جانب سے اٹارنی جنرل پیش ہوئے۔ عدالت نے ریمارکس دیے کہ آئین اور قانون کی بالادستی ہر صورت یقینی بنائی جائے گی اور کسی کو بھی قانون سے بالاتر نہیں سمجھا جائے گا۔ اجلاس میں ملکی معاشی صورتحال پر بھی غور کیا گیا اور متعلقہ اداروں کو ہدایات جاری کی گئیں۔

52	بقیہ

سابق وزیراعظم کے خلاف کیس کی سماعت کے دوران عدالت نے فریقین کے دلائل سنے اور فیصلہ محفوظ کر لیا۔ وکلا نے موقف اختیار کیا کہ درخواست گزار کو انصاف فراہم کیا جائے اور عدالت قانون کے مطابق کارروائی کرے۔ الیکشن کمیشن نے بھی اپنا جواب جمع کرایا جبکہ حکومت کی جانب سے اٹارنی جنرل پیش ہوئے۔ عدالت نے ریمارکس دیے کہ آئین اور قانون کی بالادستی ہر صورت یقینی بنائی جائے گی اور کسی کو بھی قانون سے بالاتر نہیں سمجھا جائے گا۔ اجلاس میں ملکی معاشی صورتحال پر بھی غور کیا گیا اور متعلقہ اداروں کو ہدایات جاری کی گئیں۔

53	بقیہ

سابق وزیراعظم کے خلاف کیس کی سماعت کے دوران عدالت نے فریقین کے دلائل سنے اور فیصلہ محفوظ کر لیا۔ وکلا نے موقف اختیار کیا کہ درخواست گزار کو انصاف فراہم کیا جائے اور عدالت قانون کے مطابق کارروائی کرے۔ الیکشن کمیشن نے بھی اپنا جواب جمع کرایا جبکہ حکومت کی جانب سے اٹارنی جنرل پیش ہوئے۔ عدالت نے ریمارکس دیے کہ آئین اور قانون کی بالادستی ہر صورت یقینی بنائی جائے گی اور کسی کو بھی قانون سے بالاتر نہیں سمجھا جائے گا۔ اجلاس میں ملکی معاشی صورتحال پر بھی غور کیا گیا اور متعلقہ اداروں کو ہدایات جاری کی گئیں۔

54	بقیہ

سابق وزیراعظم کے خلاف کیس کی سماعت کے دوران عدالت نے فریقین کے دلائل سنے اور فیصلہ محفوظ کر لیا۔ وکلا نے موقف اختیار کیا کہ درخواست گزار کو انصاف فراہم کیا جائے اور عدالت قانون کے مطابق کارروائی کرے۔ الیکشن کمیشن نے بھی اپنا جواب جمع کرایا جبکہ حکومت کی جانب سے اٹارنی جنرل پیش ہوئے۔ عدالت نے ریمارکس دیے کہ آئین اور قانون کی بالادستی ہر صورت یقینی بنائی جائے گی اور کسی کو بھی قانون سے بالاتر نہیں سمجھا جائے گا۔ اجلاس میں ملکی معاشی صورتحال پر بھی غور کیا گیا اور متعلقہ اداروں کو ہدایات جاری کی گئیں۔

55	بقیہ

سابق وزیراعظم کے خلاف کیس کی سماعت کے دوران عدالت نے فریقین کے دلائل سنے اور فیصلہ محفوظ کر لیا۔ وکلا نے موقف اختیار کیا کہ درخواست گزار کو انصاف فراہم کیا جائے اور عدالت قانون کے مطابق کارروائی کرے۔ الیکشن کمیشن نے بھی اپنا جواب جمع کرایا جبکہ حکومت کی جانب سے اٹارنی جنرل پیش ہوئے۔ عدالت نے ریمارکس دیے کہ آئین اور قانون کی بالادستی ہر صورت یقینی بنائی جائے گی اور کسی کو بھی قانون سے بالاتر نہیں سمجھا جائے گا۔ اجلاس میں ملکی معاشی صورتحال پر بھی غور کیا گیا اور متعلقہ اداروں کو ہدایات جاری کی گئیں۔

56	بقیہ

سابق وزیراعظم کے خلاف کیس کی سماعت کے دوران عدالت نے فریقین کے دلائل سنے اور فیصلہ محفوظ کر لیا۔ وکلا نے موقف اختیار کیا کہ درخواست گزار کو انصاف فراہم کیا جائے اور عدالت قانون کے مطابق کارروائی کرے۔ الیکشن کمیشن نے بھی اپنا جواب جمع کرایا جبکہ حکومت کی جانب سے اٹارنی جنرل پیش ہوئے۔ عدالت نے ریمارکس دیے کہ آئین اور قانون کی بالادستی ہر صورت یقینی بنائی جائے گی اور کسی کو بھی قانون سے بالاتر نہیں سمجھا جائے گا۔ اجلاس میں ملکی معاشی صورتحال پر بھی غور کیا گیا اور متعلقہ اداروں کو ہدایات جاری کی گئیں۔

57	بقیہ

سابق وزیراعظم کے خلاف کیس کی سماعت کے دوران عدالت نے فریقین کے دلائل سنے اور فیصلہ محفوظ کر لیا۔ وکلا نے موقف اختیار کیا کہ درخواست گزار کو انصاف فراہم کیا جائے اور عدالت قانون کے مطابق کارروائی کرے۔ الیکشن کمیشن نے بھی اپنا جواب جمع کرایا جبکہ حکومت کی جانب سے اٹارنی جنرل پیش ہوئے۔ عدالت نے ریمارکس دیے کہ آئین اور قانون کی بالادستی ہر صورت یقینی بنائی جائے گی اور کسی کو بھی قانون سے بالاتر نہیں سمجھا جائے گا۔ اجلاس میں ملکی معاشی صورتحال پر بھی غور کیا گیا اور متعلقہ اداروں کو ہدایات جاری کی گئیں۔

58	بقیہ

سابق وزیراعظم کے خلاف کیس کی سماعت کے دوران عدالت نے فریقین کے دلائل سنے اور فیصلہ محفوظ کر لیا۔ وکلا نے موقف اختیار کیا کہ درخواست گزار کو انصاف فراہم کیا جائے اور عدالت قانون کے مطابق کارروائی کرے۔ الیکشن کمیشن نے بھی اپنا جواب جمع کرایا جبکہ حکومت کی جانب سے اٹارنی جنرل پیش ہوئے۔ عدالت نے ریمارکس دیے کہ آئین اور قانون کی بالادستی ہر صورت یقینی بنائی جائے گی اور کسی کو بھی قانون سے بالاتر نہیں سمجھا جائے گا۔ اجلاس میں ملکی معاشی صورتحال پر بھی غور کیا گیا اور متعلقہ اداروں کو ہدایات جاری کی گئیں۔

59	بقیہ

سابق وزیراعظم کے خلاف کیس کی سماعت کے دوران عدالت نے فریقین کے دلائل سنے اور فیصلہ محفوظ کر لیا۔ وکلا نے موقف اختیار کیا کہ درخواست گزار کو انصاف فراہم کیا جائے اور عدالت قانون کے مطابق کارروائی کرے۔ الیکشن کمیشن نے بھی اپنا جواب جمع کرایا جبکہ حکومت کی جانب سے اٹارنی جنرل پیش ہوئے۔ عدالت نے ریمارکس دیے کہ آئین اور قانون کی بالادستی ہر صورت یقینی بنائی جائے گی اور کسی کو بھی قانون سے بالاتر نہیں سمجھا جائے گا۔ اجلاس میں ملکی معاشی صورتحال پر بھی غور کیا گیا اور متعلقہ اداروں کو ہدایات جاری کی گئیں۔

60	بقیہ

سابق وزیراعظم کے خلاف کیس کی سماعت کے دوران عدالت نے فریقین کے دلائل سنے اور فیصلہ محفوظ کر لیا۔ وکلا نے موقف اختیار کیا کہ درخواست گزار کو انصاف فراہم کیا جائے اور عدالت قانون کے مطابق کارروائی کرے۔ الیکشن کمیشن نے بھی اپنا جواب جمع کرایا جبکہ حکومت کی جانب سے اٹارنی جنرل پیش ہوئے۔ عدالت نے ریمارکس دیے کہ آئین اور قانون کی بالادستی ہر صورت یقینی بنائی جائے گی اور کسی کو بھی قانون سے بالاتر نہیں سمجھا جائے گا۔ اجلاس میں ملکی معاشی صورتحال پر بھی غور کیا گیا اور متعلقہ اداروں کو ہدایات جاری کی گئیں۔

61	بقیہ

سابق وزیراعظم کے خلاف کیس کی سماعت کے دوران عدالت نے فریقین کے دلائل سنے اور فیصلہ محفوظ کر لیا۔ وکلا نے موقف اختیار کیا کہ درخواست گزار کو انصاف فراہم کیا جائے اور عدالت قانون کے مطابق کارروائی کرے۔ الیکشن کمیشن نے بھی اپنا جواب جمع کرایا جبکہ حکومت کی جانب سے اٹارنی جنرل پیش ہوئے۔ عدالت نے ریمارکس دیے کہ آئین اور قانون کی بالادستی ہر صورت یقینی بنائی جائے گی اور کسی کو بھی قانون سے بالاتر نہیں سمجھا جائے گا۔ اجلاس میں ملکی معاشی صورتحال پر بھی غور کیا گیا اور متعلقہ اداروں کو ہدایات جاری کی گئیں۔
